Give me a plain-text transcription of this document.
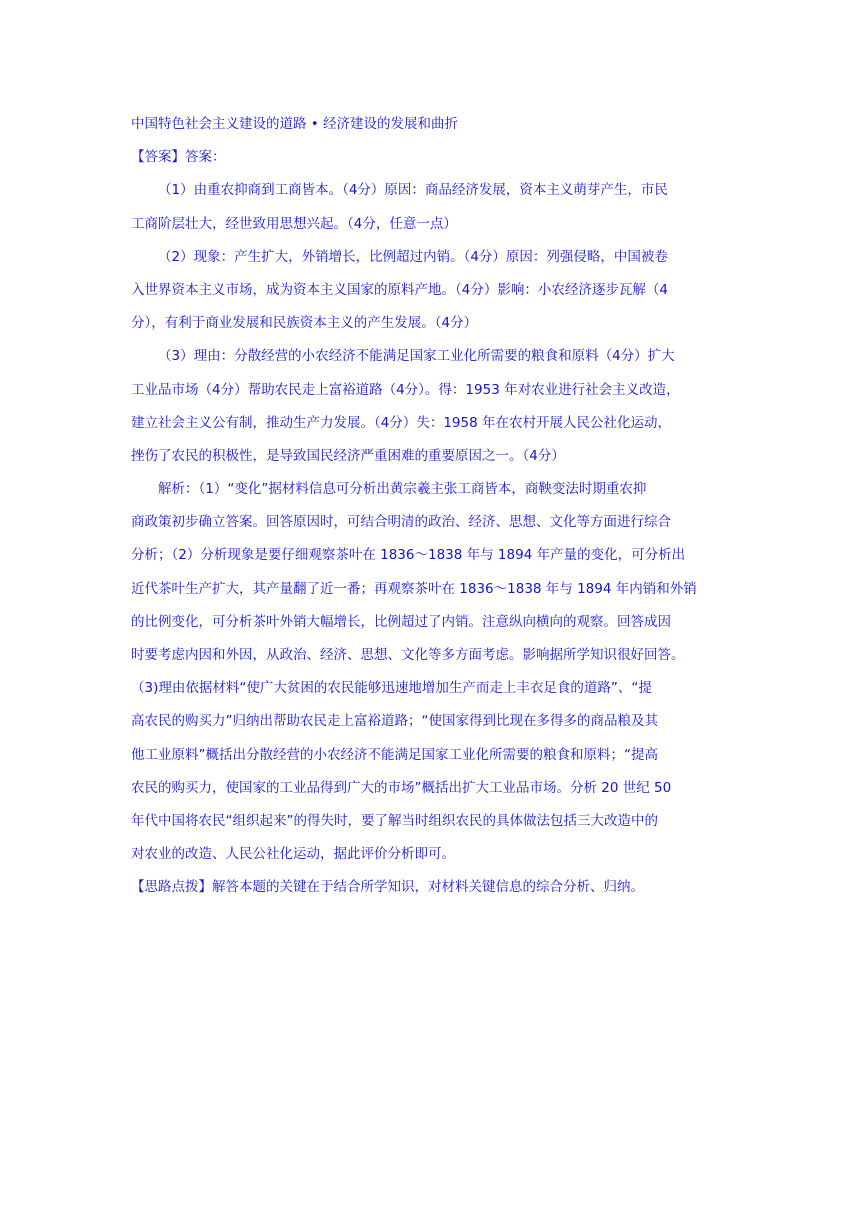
中国特色社会主义建设的道路 • 经济建设的发展和曲折
【答案】答案：
（1）由重农抑商到工商皆本。（4分）原因：商品经济发展，资本主义萌芽产生，市民
工商阶层壮大，经世致用思想兴起。（4分，任意一点）
（2）现象：产生扩大，外销增长，比例超过内销。（4分）原因：列强侵略，中国被卷
入世界资本主义市场，成为资本主义国家的原料产地。（4分）影响：小农经济逐步瓦解（4
分），有利于商业发展和民族资本主义的产生发展。（4分）
（3）理由：分散经营的小农经济不能满足国家工业化所需要的粮食和原料（4分）扩大
工业品市场（4分）帮助农民走上富裕道路（4分）。得：1953 年对农业进行社会主义改造，
建立社会主义公有制，推动生产力发展。（4分）失：1958 年在农村开展人民公社化运动，
挫伤了农民的积极性，是导致国民经济严重困难的重要原因之一。（4分）
解析：（1）“变化”据材料信息可分析出黄宗羲主张工商皆本，商鞅变法时期重农抑
商政策初步确立答案。回答原因时，可结合明清的政治、经济、思想、文化等方面进行综合
分析；（2）分析现象是要仔细观察茶叶在 1836～1838 年与 1894 年产量的变化，可分析出
近代茶叶生产扩大，其产量翻了近一番；再观察茶叶在 1836～1838 年与 1894 年内销和外销
的比例变化，可分析茶叶外销大幅增长，比例超过了内销。注意纵向横向的观察。回答成因
时要考虑内因和外因，从政治、经济、思想、文化等多方面考虑。影响据所学知识很好回答。
（3)理由依据材料“使广大贫困的农民能够迅速地增加生产而走上丰衣足食的道路”、“提
高农民的购买力”归纳出帮助农民走上富裕道路；“使国家得到比现在多得多的商品粮及其
他工业原料”概括出分散经营的小农经济不能满足国家工业化所需要的粮食和原料；“提高
农民的购买力，使国家的工业品得到广大的市场”概括出扩大工业品市场。分析 20 世纪 50
年代中国将农民“组织起来”的得失时，要了解当时组织农民的具体做法包括三大改造中的
对农业的改造、人民公社化运动，据此评价分析即可。
【思路点拨】解答本题的关键在于结合所学知识，对材料关键信息的综合分析、归纳。
